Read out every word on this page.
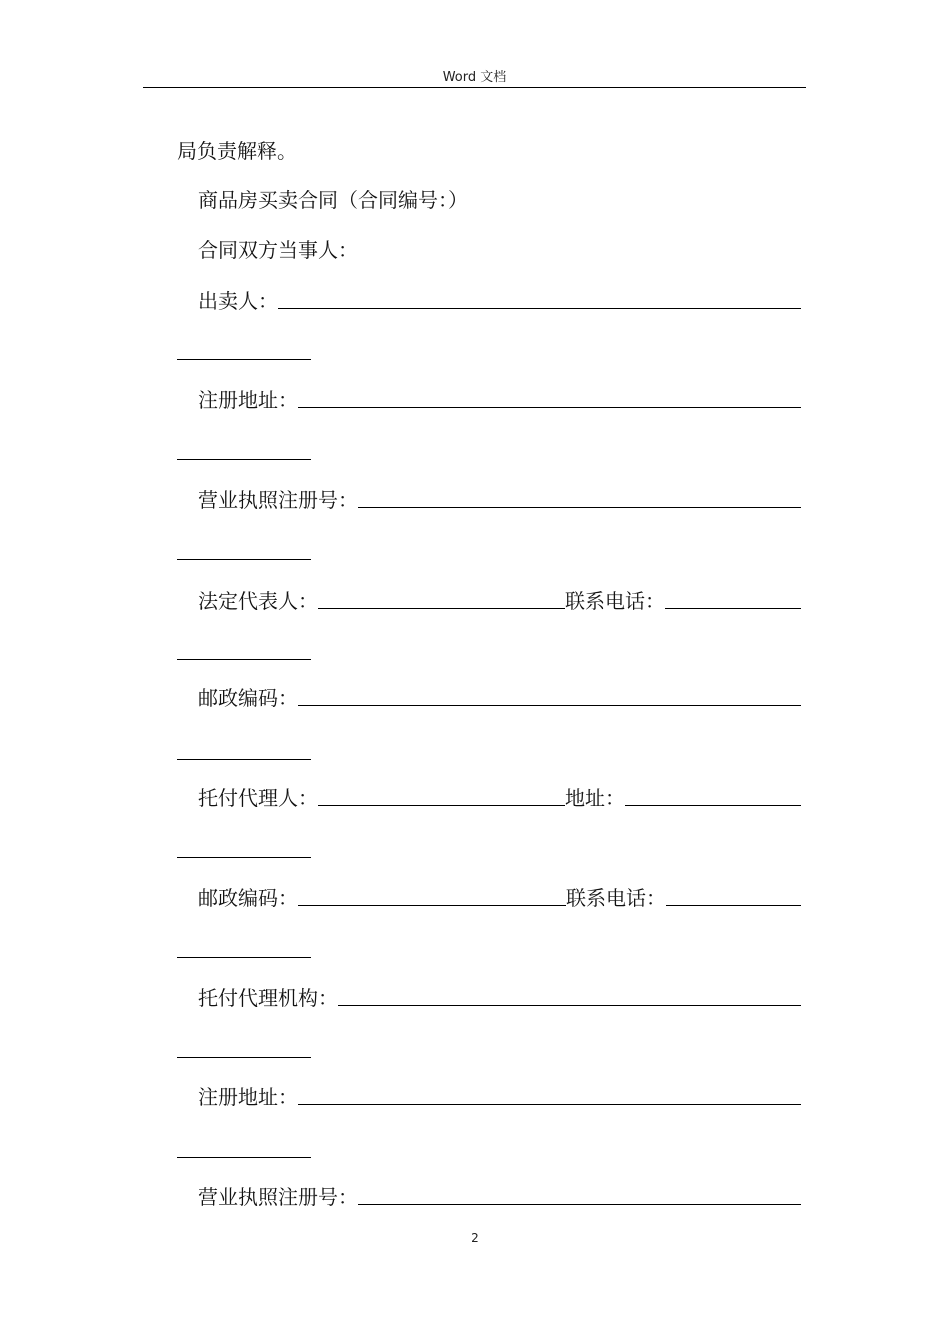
Word 文档
局负责解释。
商品房买卖合同（合同编号：）
合同双方当事人：
出卖人：
注册地址：
营业执照注册号：
法定代表人：	联系电话：
邮政编码：
托付代理人：	地址：
邮政编码：	联系电话：
托付代理机构：
注册地址：
营业执照注册号：
2
